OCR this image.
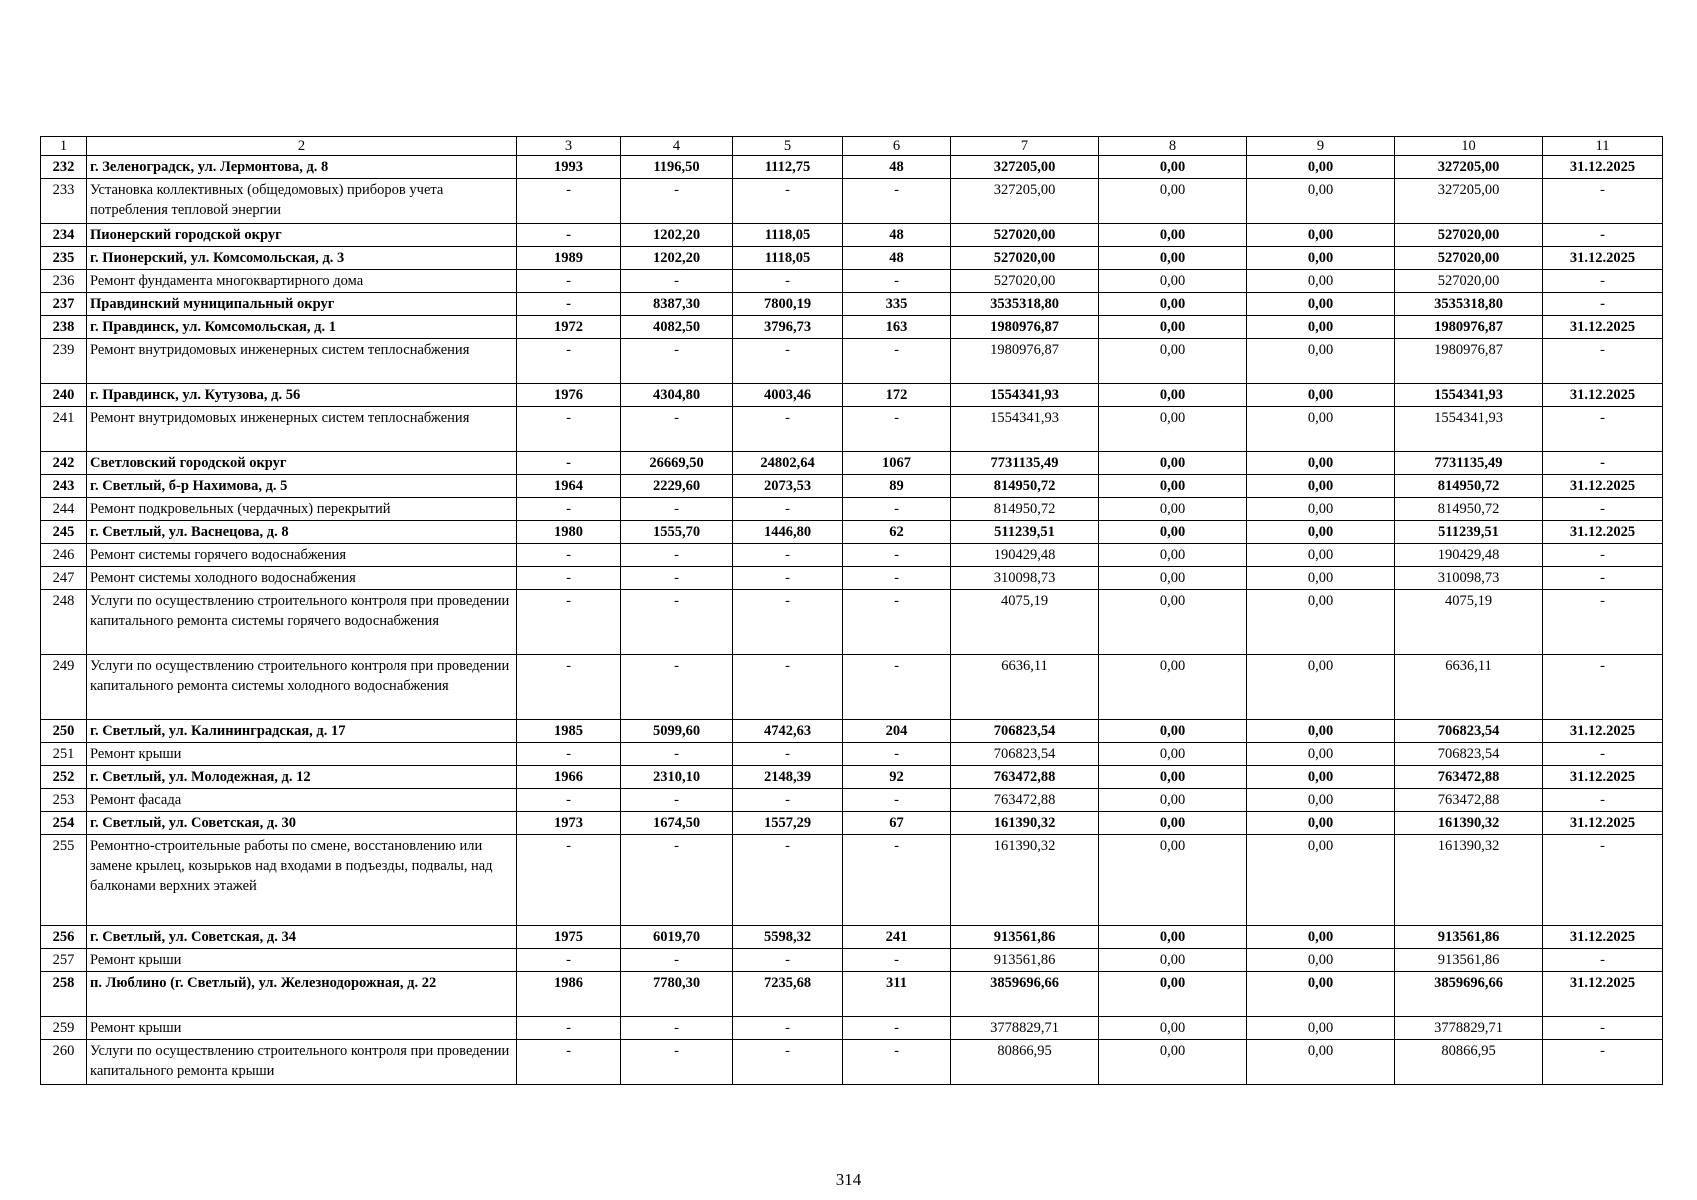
1	2	3	4	5	6	7	8	9	10	11
232	г. Зеленоградск, ул. Лермонтова, д. 8	1993	1196,50	1112,75	48	327205,00	0,00	0,00	327205,00	31.12.2025
233	Установка коллективных (общедомовых) приборов учета потребления тепловой энергии	-	-	-	-	327205,00	0,00	0,00	327205,00	-
234	Пионерский городской округ	-	1202,20	1118,05	48	527020,00	0,00	0,00	527020,00	-
235	г. Пионерский, ул. Комсомольская, д. 3	1989	1202,20	1118,05	48	527020,00	0,00	0,00	527020,00	31.12.2025
236	Ремонт фундамента многоквартирного дома	-	-	-	-	527020,00	0,00	0,00	527020,00	-
237	Правдинский муниципальный округ	-	8387,30	7800,19	335	3535318,80	0,00	0,00	3535318,80	-
238	г. Правдинск, ул. Комсомольская, д. 1	1972	4082,50	3796,73	163	1980976,87	0,00	0,00	1980976,87	31.12.2025
239	Ремонт внутридомовых инженерных систем теплоснабжения	-	-	-	-	1980976,87	0,00	0,00	1980976,87	-
240	г. Правдинск, ул. Кутузова, д. 56	1976	4304,80	4003,46	172	1554341,93	0,00	0,00	1554341,93	31.12.2025
241	Ремонт внутридомовых инженерных систем теплоснабжения	-	-	-	-	1554341,93	0,00	0,00	1554341,93	-
242	Светловский городской округ	-	26669,50	24802,64	1067	7731135,49	0,00	0,00	7731135,49	-
243	г. Светлый, б-р Нахимова, д. 5	1964	2229,60	2073,53	89	814950,72	0,00	0,00	814950,72	31.12.2025
244	Ремонт подкровельных (чердачных) перекрытий	-	-	-	-	814950,72	0,00	0,00	814950,72	-
245	г. Светлый, ул. Васнецова, д. 8	1980	1555,70	1446,80	62	511239,51	0,00	0,00	511239,51	31.12.2025
246	Ремонт системы горячего водоснабжения	-	-	-	-	190429,48	0,00	0,00	190429,48	-
247	Ремонт системы холодного водоснабжения	-	-	-	-	310098,73	0,00	0,00	310098,73	-
248	Услуги по осуществлению строительного контроля при проведении капитального ремонта системы горячего водоснабжения	-	-	-	-	4075,19	0,00	0,00	4075,19	-
249	Услуги по осуществлению строительного контроля при проведении капитального ремонта системы холодного водоснабжения	-	-	-	-	6636,11	0,00	0,00	6636,11	-
250	г. Светлый, ул. Калининградская, д. 17	1985	5099,60	4742,63	204	706823,54	0,00	0,00	706823,54	31.12.2025
251	Ремонт крыши	-	-	-	-	706823,54	0,00	0,00	706823,54	-
252	г. Светлый, ул. Молодежная, д. 12	1966	2310,10	2148,39	92	763472,88	0,00	0,00	763472,88	31.12.2025
253	Ремонт фасада	-	-	-	-	763472,88	0,00	0,00	763472,88	-
254	г. Светлый, ул. Советская, д. 30	1973	1674,50	1557,29	67	161390,32	0,00	0,00	161390,32	31.12.2025
255	Ремонтно-строительные работы по смене, восстановлению или замене крылец, козырьков над входами в подъезды, подвалы, над балконами верхних этажей	-	-	-	-	161390,32	0,00	0,00	161390,32	-
256	г. Светлый, ул. Советская, д. 34	1975	6019,70	5598,32	241	913561,86	0,00	0,00	913561,86	31.12.2025
257	Ремонт крыши	-	-	-	-	913561,86	0,00	0,00	913561,86	-
258	п. Люблино (г. Светлый), ул. Железнодорожная, д. 22	1986	7780,30	7235,68	311	3859696,66	0,00	0,00	3859696,66	31.12.2025
259	Ремонт крыши	-	-	-	-	3778829,71	0,00	0,00	3778829,71	-
260	Услуги по осуществлению строительного контроля при проведении капитального ремонта крыши	-	-	-	-	80866,95	0,00	0,00	80866,95	-
314
